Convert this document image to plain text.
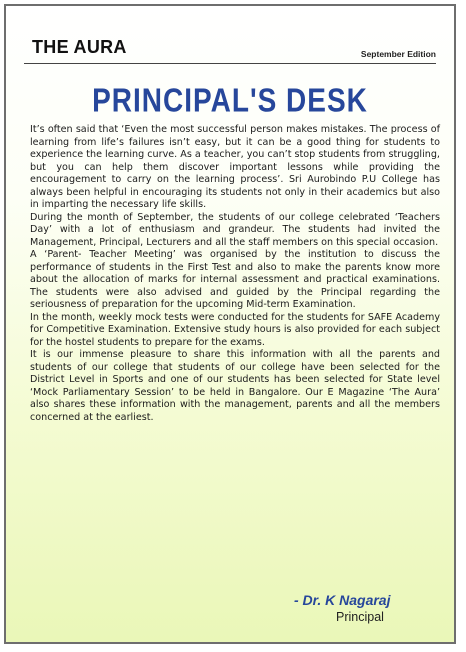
THE AURA	September Edition
PRINCIPAL'S DESK

It’s often said that ‘Even the most successful person makes mistakes. The process of learning from life’s failures isn’t easy, but it can be a good thing for students to experience the learning curve. As a teacher, you can’t stop students from struggling, but you can help them discover important lessons while providing the encouragement to carry on the learning process’. Sri Aurobindo P.U College has always been helpful in encouraging its students not only in their academics but also in imparting the necessary life skills.

During the month of September, the students of our college celebrated ‘Teachers Day’ with a lot of enthusiasm and grandeur. The students had invited the Management, Principal, Lecturers and all the staff members on this special occasion.

A ‘Parent- Teacher Meeting’ was organised by the institution to discuss the performance of students in the First Test and also to make the parents know more about the allocation of marks for internal assessment and practical examinations. The students were also advised and guided by the Principal regarding the seriousness of preparation for the upcoming Mid-term Examination.

In the month, weekly mock tests were conducted for the students for SAFE Academy for Competitive Examination. Extensive study hours is also provided for each subject for the hostel students to prepare for the exams.

It is our immense pleasure to share this information with all the parents and students of our college that students of our college have been selected for the District Level in Sports and one of our students has been selected for State level ‘Mock Parliamentary Session’ to be held in Bangalore. Our E Magazine ‘The Aura’ also shares these information with the management, parents and all the members concerned at the earliest.

- Dr. K Nagaraj
Principal
